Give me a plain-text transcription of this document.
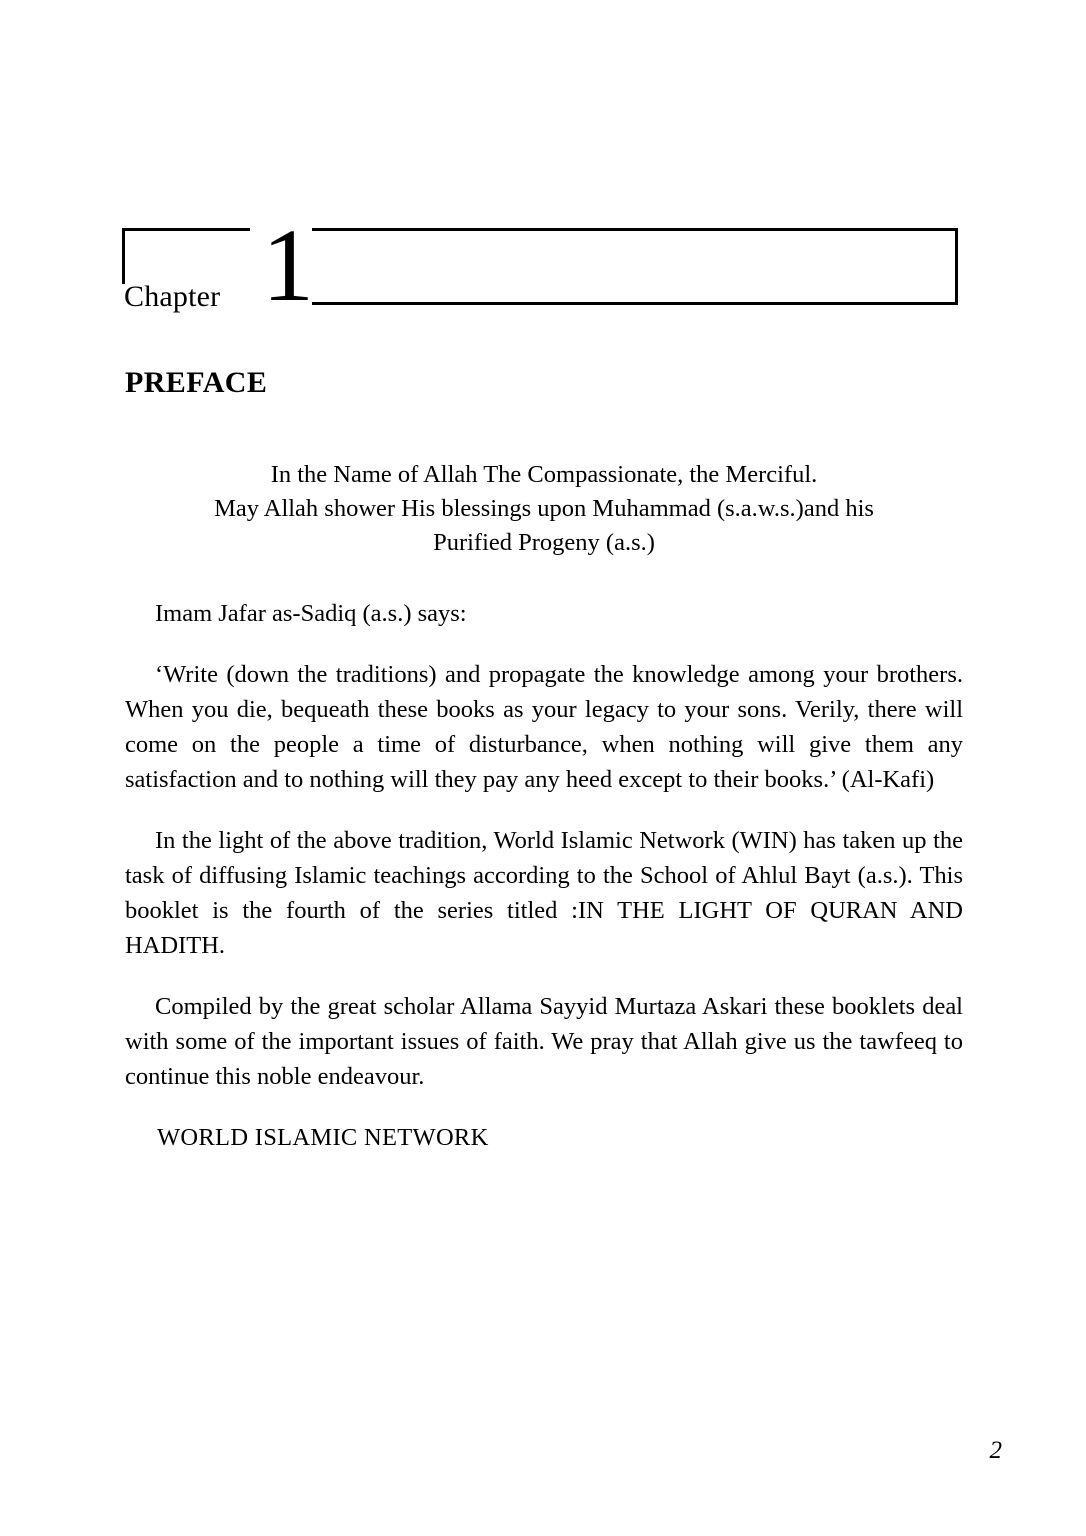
Chapter 1
PREFACE
In the Name of Allah The Compassionate, the Merciful.
May Allah shower His blessings upon Muhammad (s.a.w.s.)and his
Purified Progeny (a.s.)

Imam Jafar as-Sadiq (a.s.) says:

‘Write (down the traditions) and propagate the knowledge among your brothers. When you die, bequeath these books as your legacy to your sons. Verily, there will come on the people a time of disturbance, when nothing will give them any satisfaction and to nothing will they pay any heed except to their books.’ (Al-Kafi)

In the light of the above tradition, World Islamic Network (WIN) has taken up the task of diffusing Islamic teachings according to the School of Ahlul Bayt (a.s.). This booklet is the fourth of the series titled :IN THE LIGHT OF QURAN AND HADITH.

Compiled by the great scholar Allama Sayyid Murtaza Askari these booklets deal with some of the important issues of faith. We pray that Allah give us the tawfeeq to continue this noble endeavour.

WORLD ISLAMIC NETWORK

2
